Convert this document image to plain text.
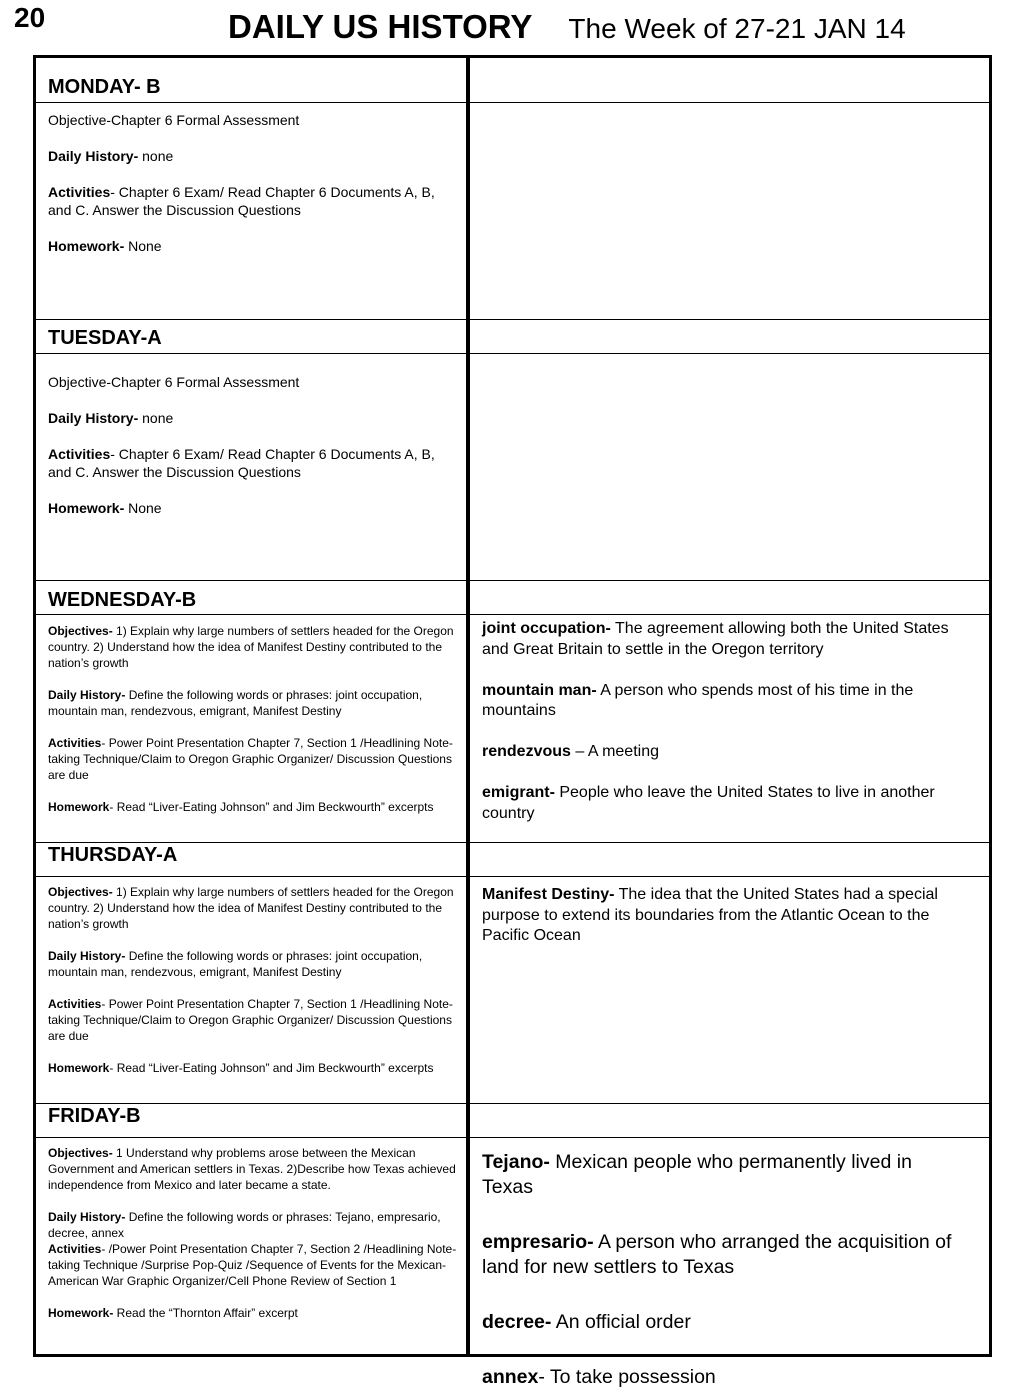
20	DAILY US HISTORY The Week of 27-21 JAN 14
MONDAY- B

Objective-Chapter 6 Formal Assessment

Daily History- none

Activities- Chapter 6 Exam/ Read Chapter 6 Documents A, B, and C. Answer the Discussion Questions

Homework- None

TUESDAY-A

Objective-Chapter 6 Formal Assessment

Daily History- none

Activities- Chapter 6 Exam/ Read Chapter 6 Documents A, B, and C. Answer the Discussion Questions

Homework- None

WEDNESDAY-B

Objectives- 1) Explain why large numbers of settlers headed for the Oregon country. 2) Understand how the idea of Manifest Destiny contributed to the nation’s growth

Daily History- Define the following words or phrases: joint occupation, mountain man, rendezvous, emigrant, Manifest Destiny

Activities- Power Point Presentation Chapter 7, Section 1 /Headlining Note-taking Technique/Claim to Oregon Graphic Organizer/ Discussion Questions are due

Homework- Read “Liver-Eating Johnson” and Jim Beckwourth” excerpts

joint occupation- The agreement allowing both the United States and Great Britain to settle in the Oregon territory

mountain man- A person who spends most of his time in the mountains

rendezvous – A meeting

emigrant- People who leave the United States to live in another country

THURSDAY-A

Objectives- 1) Explain why large numbers of settlers headed for the Oregon country. 2) Understand how the idea of Manifest Destiny contributed to the nation’s growth

Daily History- Define the following words or phrases: joint occupation, mountain man, rendezvous, emigrant, Manifest Destiny

Activities- Power Point Presentation Chapter 7, Section 1 /Headlining Note-taking Technique/Claim to Oregon Graphic Organizer/ Discussion Questions are due

Homework- Read “Liver-Eating Johnson” and Jim Beckwourth” excerpts

Manifest Destiny- The idea that the United States had a special purpose to extend its boundaries from the Atlantic Ocean to the Pacific Ocean

FRIDAY-B

Objectives- 1 Understand why problems arose between the Mexican Government and American settlers in Texas. 2)Describe how Texas achieved independence from Mexico and later became a state.

Daily History- Define the following words or phrases: Tejano, empresario, decree, annex

Activities- /Power Point Presentation Chapter 7, Section 2 /Headlining Note-taking Technique /Surprise Pop-Quiz /Sequence of Events for the Mexican-American War Graphic Organizer/Cell Phone Review of Section 1

Homework- Read the “Thornton Affair” excerpt

Tejano- Mexican people who permanently lived in Texas

empresario- A person who arranged the acquisition of land for new settlers to Texas

decree- An official order

annex- To take possession
